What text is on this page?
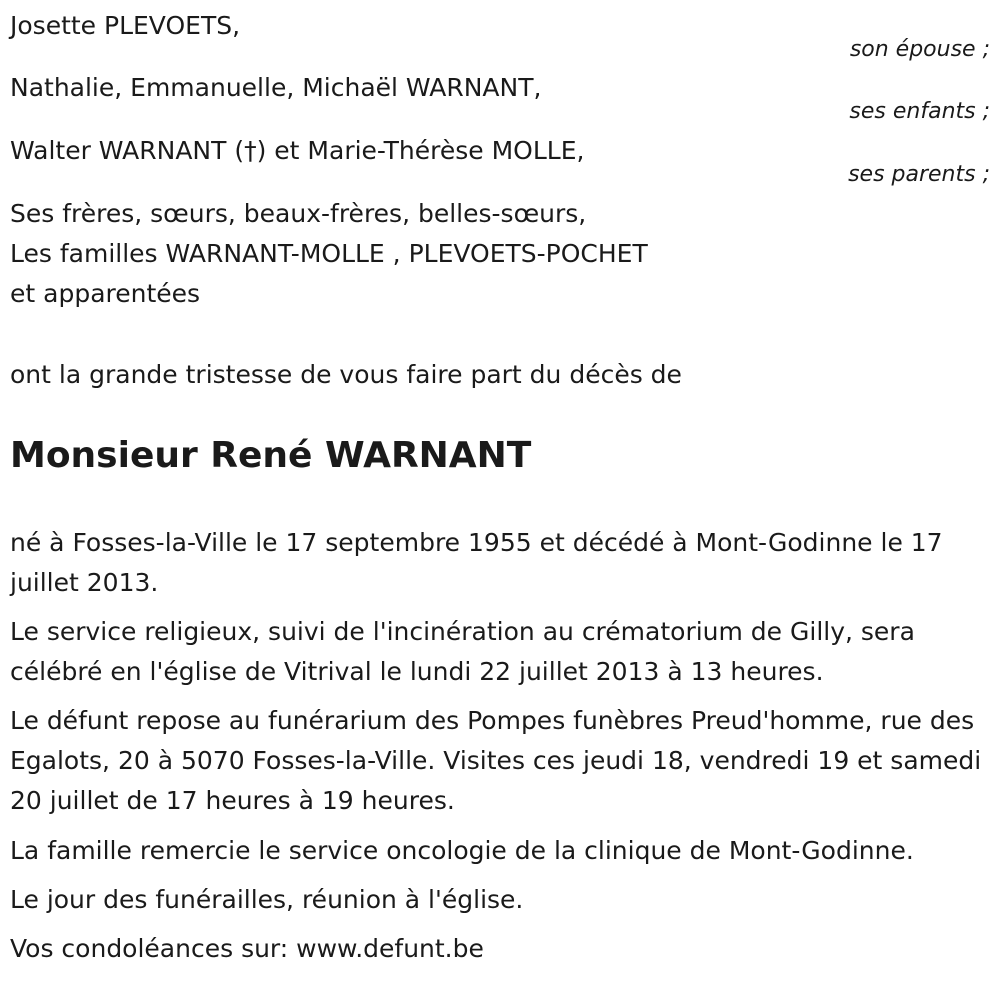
Josette PLEVOETS,
son épouse ;
Nathalie, Emmanuelle, Michaël WARNANT,
ses enfants ;
Walter WARNANT (†) et Marie-Thérèse MOLLE,
ses parents ;
Ses frères, sœurs, beaux-frères, belles-sœurs,
Les familles WARNANT-MOLLE , PLEVOETS-POCHET
et apparentées
ont la grande tristesse de vous faire part du décès de
Monsieur René WARNANT
né à Fosses-la-Ville le 17 septembre 1955 et décédé à Mont-Godinne le 17 juillet 2013.
Le service religieux, suivi de l'incinération au crématorium de Gilly, sera célébré en l'église de Vitrival le lundi 22 juillet 2013 à 13 heures.
Le défunt repose au funérarium des Pompes funèbres Preud'homme, rue des Egalots, 20 à 5070 Fosses-la-Ville. Visites ces jeudi 18, vendredi 19 et samedi 20 juillet de 17 heures à 19 heures.
La famille remercie le service oncologie de la clinique de Mont-Godinne.
Le jour des funérailles, réunion à l'église.
Vos condoléances sur: www.defunt.be
